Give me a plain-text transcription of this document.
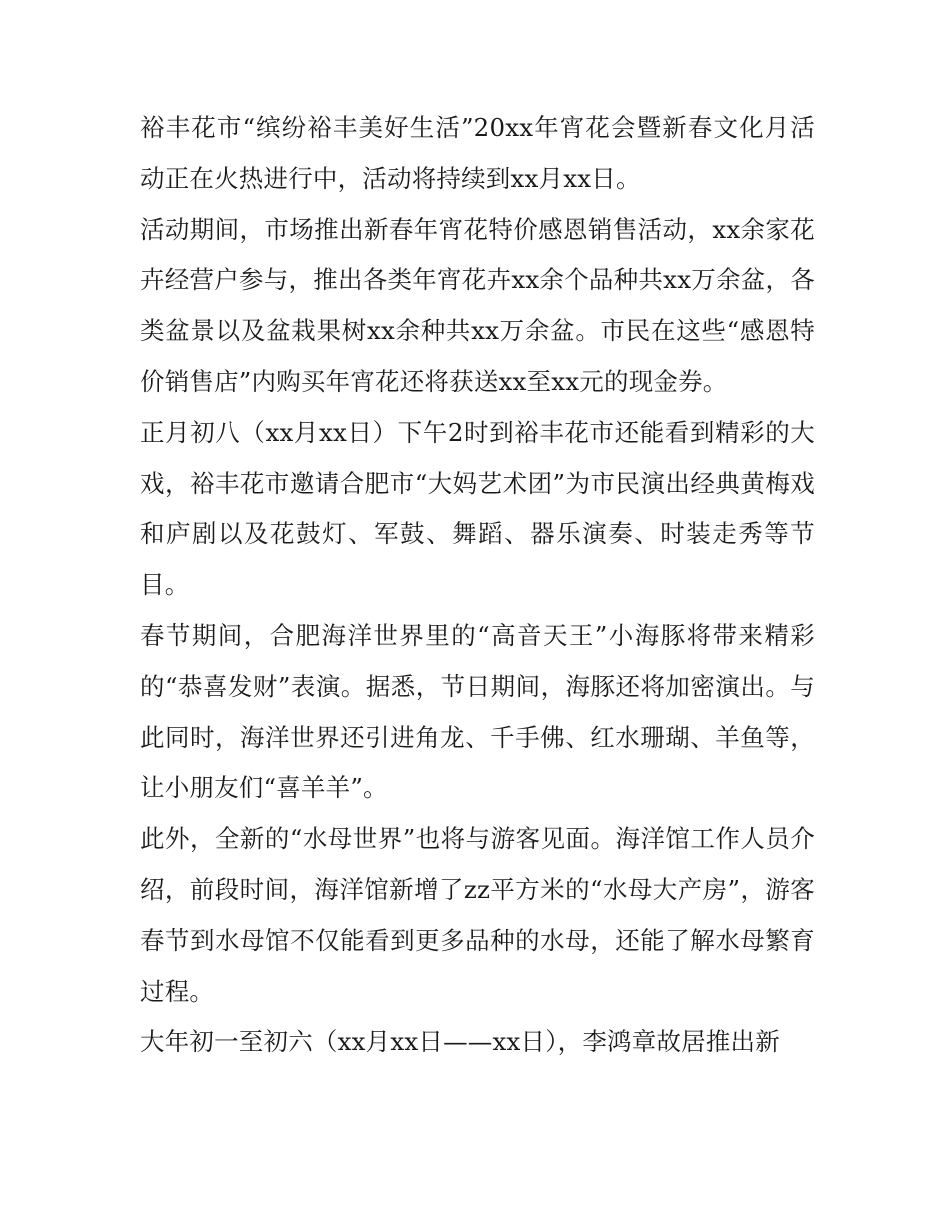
裕丰花市“缤纷裕丰美好生活”20xx年宵花会暨新春文化月活动正在火热进行中，活动将持续到xx月xx日。

活动期间，市场推出新春年宵花特价感恩销售活动，xx余家花卉经营户参与，推出各类年宵花卉xx余个品种共xx万余盆，各类盆景以及盆栽果树xx余种共xx万余盆。市民在这些“感恩特价销售店”内购买年宵花还将获送xx至xx元的现金券。

正月初八（xx月xx日）下午2时到裕丰花市还能看到精彩的大戏，裕丰花市邀请合肥市“大妈艺术团”为市民演出经典黄梅戏和庐剧以及花鼓灯、军鼓、舞蹈、器乐演奏、时装走秀等节目。

春节期间，合肥海洋世界里的“高音天王”小海豚将带来精彩的“恭喜发财”表演。据悉，节日期间，海豚还将加密演出。与此同时，海洋世界还引进角龙、千手佛、红水珊瑚、羊鱼等，让小朋友们“喜羊羊”。

此外，全新的“水母世界”也将与游客见面。海洋馆工作人员介绍，前段时间，海洋馆新增了zz平方米的“水母大产房”，游客春节到水母馆不仅能看到更多品种的水母，还能了解水母繁育过程。

大年初一至初六（xx月xx日——xx日），李鸿章故居推出新
